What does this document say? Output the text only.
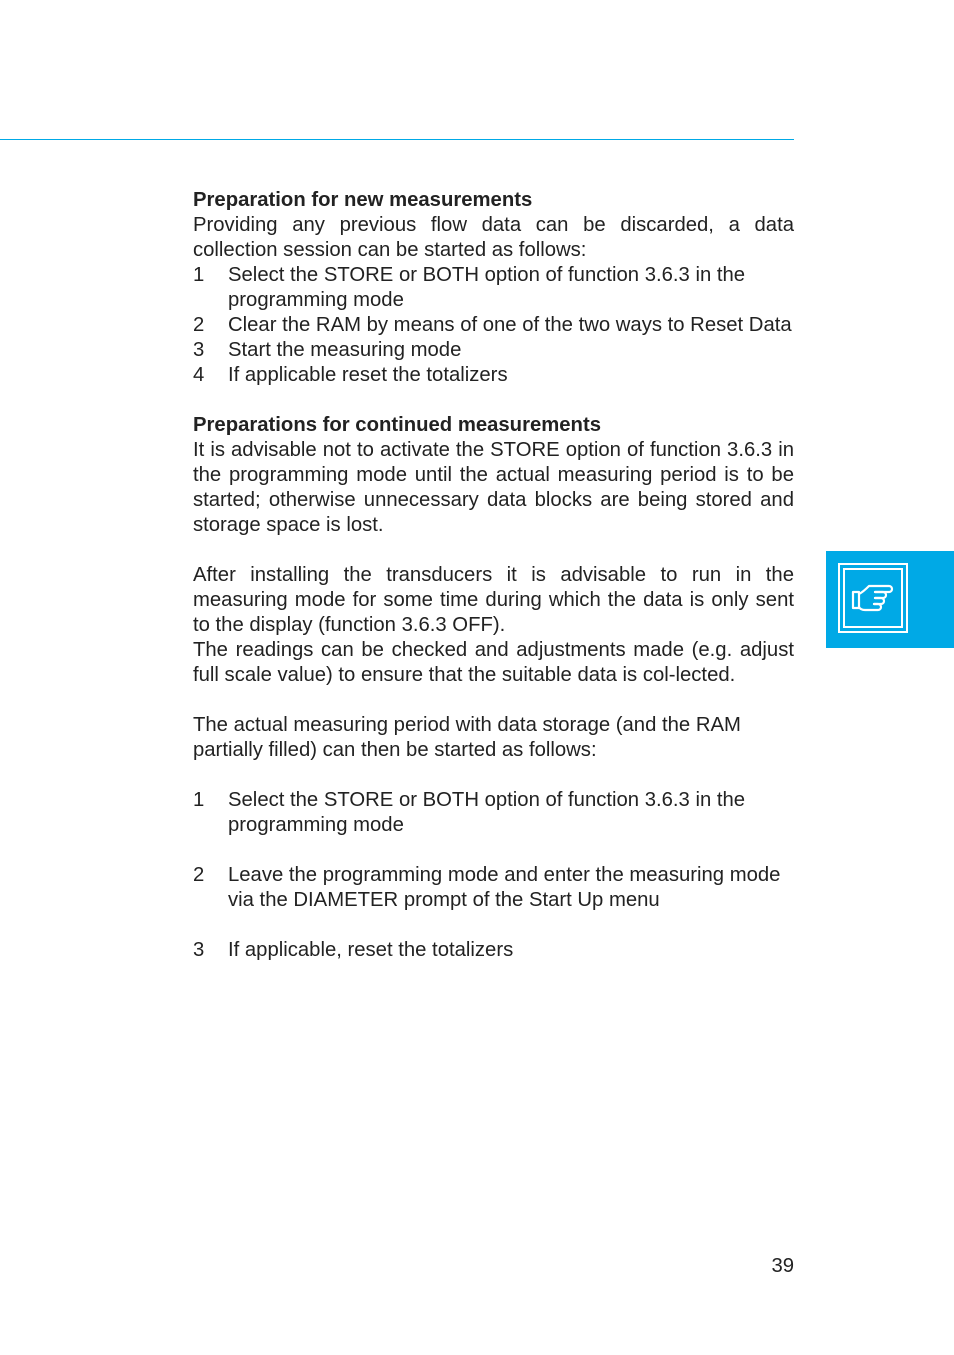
Preparation for new measurements

Providing any previous flow data can be discarded, a data collection session can be started as follows:

1 Select the STORE or BOTH option of function 3.6.3 in the programming mode

2 Clear the RAM by means of one of the two ways to Reset Data

3 Start the measuring mode

4 If applicable reset the totalizers

Preparations for continued measurements

It is advisable not to activate the STORE option of function 3.6.3 in the programming mode until the actual measuring period is to be started; otherwise unnecessary data blocks are being stored and storage space is lost.

After installing the transducers it is advisable to run in the measuring mode for some time during which the data is only sent to the display (function 3.6.3 OFF).

The readings can be checked and adjustments made (e.g. adjust full scale value) to ensure that the suitable data is col-lected.

The actual measuring period with data storage (and the RAM partially filled) can then be started as follows:

1 Select the STORE or BOTH option of function 3.6.3 in the programming mode

2 Leave the programming mode and enter the measuring mode via the DIAMETER prompt of the Start Up menu

3 If applicable, reset the totalizers

39
